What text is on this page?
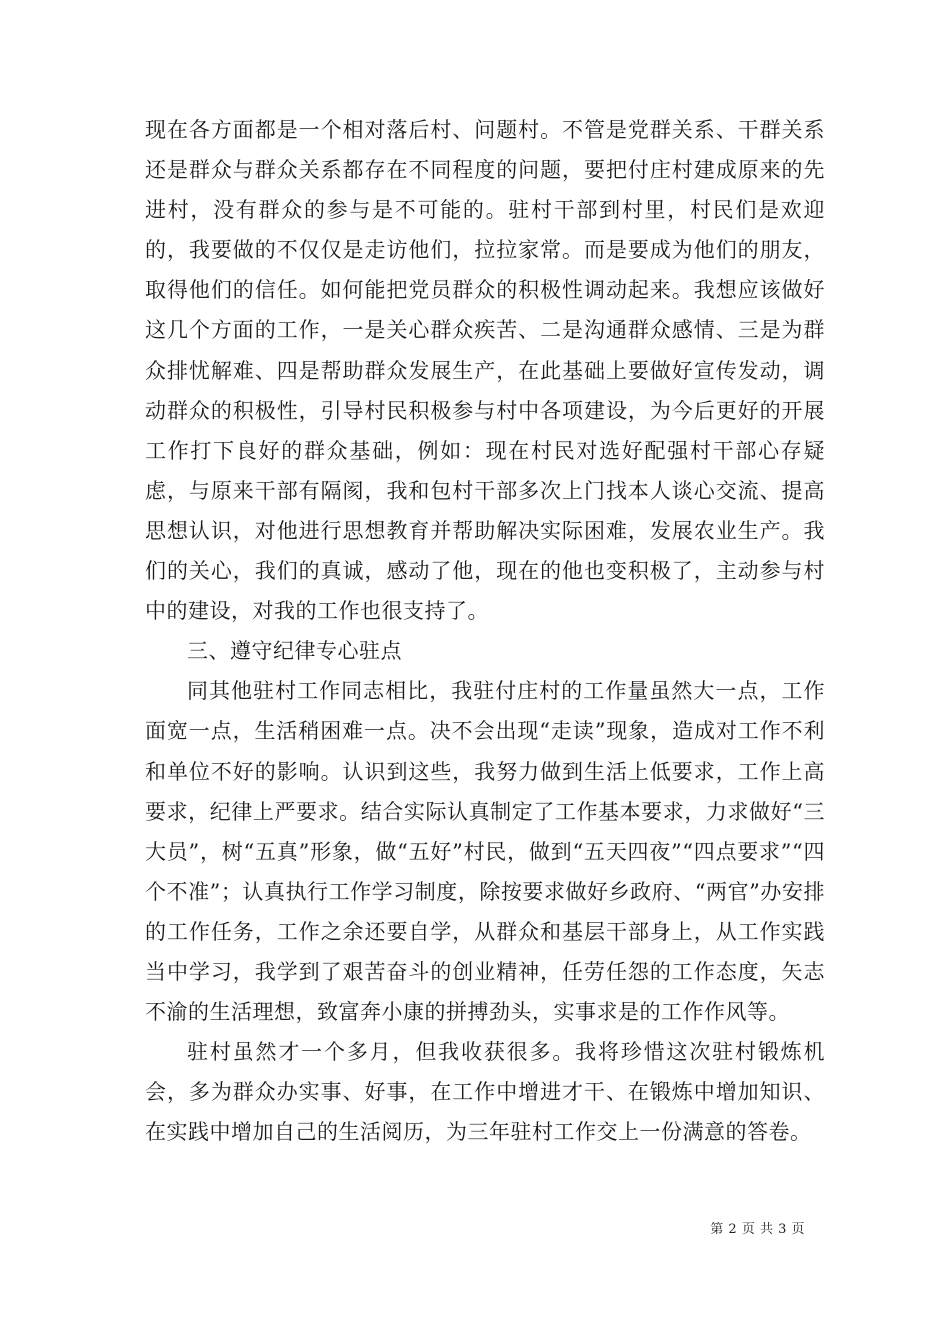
现在各方面都是一个相对落后村、问题村。不管是党群关系、干群关系还是群众与群众关系都存在不同程度的问题，要把付庄村建成原来的先进村，没有群众的参与是不可能的。驻村干部到村里，村民们是欢迎的，我要做的不仅仅是走访他们，拉拉家常。而是要成为他们的朋友，取得他们的信任。如何能把党员群众的积极性调动起来。我想应该做好这几个方面的工作，一是关心群众疾苦、二是沟通群众感情、三是为群众排忧解难、四是帮助群众发展生产，在此基础上要做好宣传发动，调动群众的积极性，引导村民积极参与村中各项建设，为今后更好的开展工作打下良好的群众基础，例如：现在村民对选好配强村干部心存疑虑，与原来干部有隔阂，我和包村干部多次上门找本人谈心交流、提高思想认识，对他进行思想教育并帮助解决实际困难，发展农业生产。我们的关心，我们的真诚，感动了他，现在的他也变积极了，主动参与村中的建设，对我的工作也很支持了。

三、遵守纪律专心驻点

同其他驻村工作同志相比，我驻付庄村的工作量虽然大一点，工作面宽一点，生活稍困难一点。决不会出现“走读”现象，造成对工作不利和单位不好的影响。认识到这些，我努力做到生活上低要求，工作上高要求，纪律上严要求。结合实际认真制定了工作基本要求，力求做好“三大员”，树“五真”形象，做“五好”村民，做到“五天四夜”“四点要求”“四个不准”；认真执行工作学习制度，除按要求做好乡政府、“两官”办安排的工作任务，工作之余还要自学，从群众和基层干部身上，从工作实践当中学习，我学到了艰苦奋斗的创业精神，任劳任怨的工作态度，矢志不渝的生活理想，致富奔小康的拼搏劲头，实事求是的工作作风等。

驻村虽然才一个多月，但我收获很多。我将珍惜这次驻村锻炼机会，多为群众办实事、好事，在工作中增进才干、在锻炼中增加知识、在实践中增加自己的生活阅历，为三年驻村工作交上一份满意的答卷。

第 2 页 共 3 页
